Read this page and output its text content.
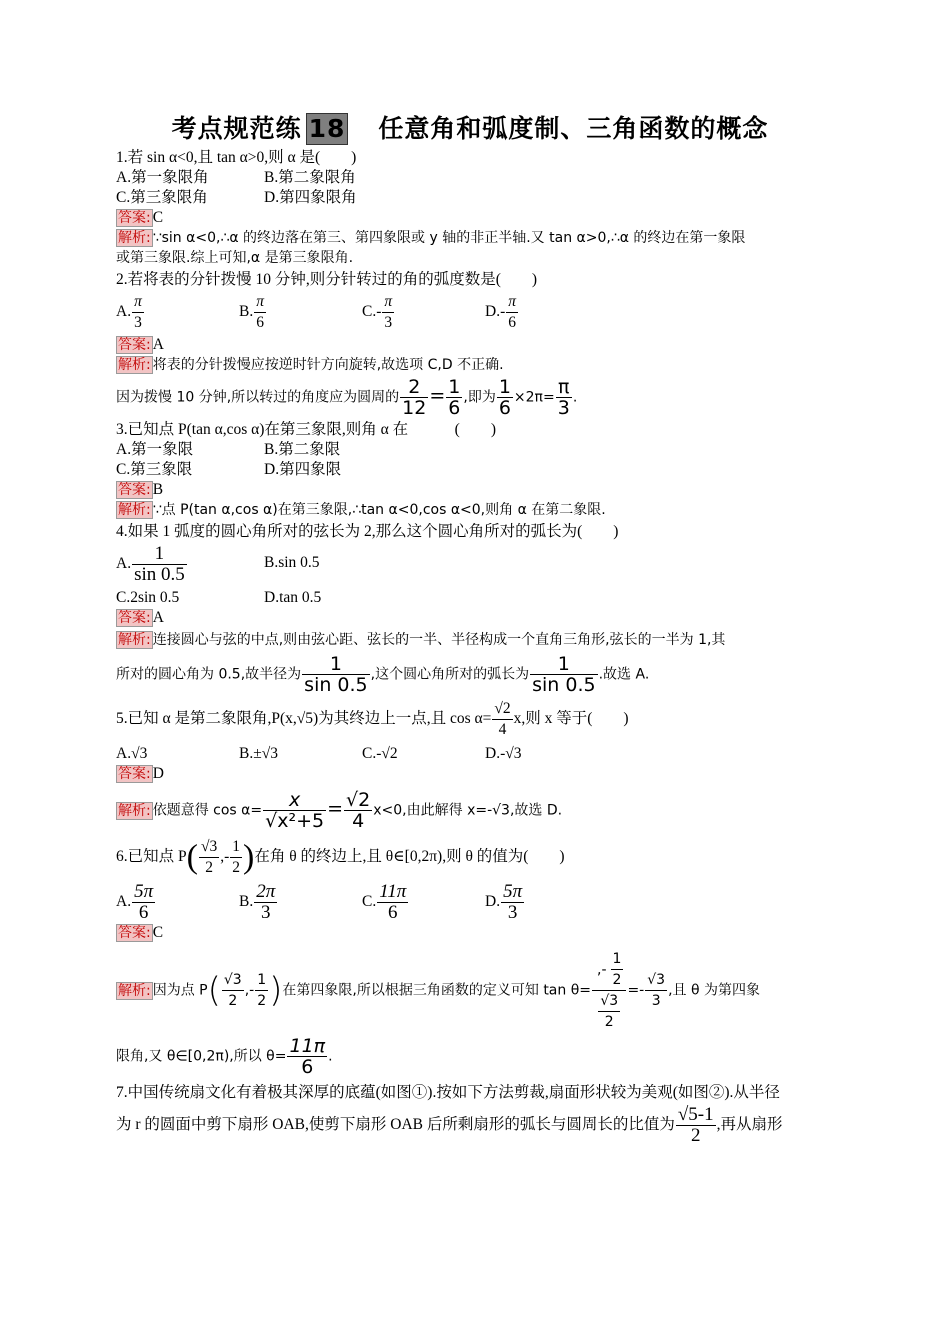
考点规范练 18　 任意角和弧度制、三角函数的概念
1.若 sin α<0,且 tan α>0,则 α 是(　　)
A.第一象限角	B.第二象限角
C.第三象限角	D.第四象限角
答案: C
解析: ∵sin α<0,∴α 的终边落在第三、第四象限或 y 轴的非正半轴.又 tan α>0,∴α 的终边在第一象限
或第三象限.综上可知,α 是第三象限角.
2.若将表的分针拨慢 10 分钟,则分针转过的角的弧度数是(　　)
A. $\frac{\pi}{3}$	B. $\frac{\pi}{6}$	$C.- \frac{\pi}{3}$	$D.- \frac{\pi}{6}$
答案: A
解析: 将表的分针拨慢应按逆时针方向旋转,故选项 C,D 不正确.
因为拨慢 10 分钟,所以转过的角度应为圆周的 $\frac{2}{12} = \frac{1}{6}$ ,即为 $\frac{1}{6} \times 2\pi= \frac{\pi}{3}$ .
3.已知点 P(tan α,cos α)在第三象限,则角 α 在　　　(　　)
A.第一象限	B.第二象限
C.第三象限	D.第四象限
答案: B
解析: ∵点 P(tan α,cos α)在第三象限,∴tan α<0,cos α<0,则角 α 在第二象限.
4.如果 1 弧度的圆心角所对的弦长为 2,那么这个圆心角所对的弧长为(　　)
A. $\frac{1}{\sin 0.5}$	B.sin 0.5
C.2sin 0.5	D.tan 0.5
答案: A
解析: 连接圆心与弦的中点,则由弦心距、弦长的一半、半径构成一个直角三角形,弦长的一半为 1,其
所对的圆心角为 0.5,故半径为 $\frac{1}{\sin 0.5}$ ,这个圆心角所对的弧长为 $\frac{1}{\sin 0.5}$ .故选 A.
5.已知 α 是第二象限角,P(x,√5)为其终边上一点,且 $\cos \alpha= \frac{√2}{4} x$,则 x 等于(　　)
A.√3	B.±√3	C.-√2	D.-√3
答案: D
解析: 依题意得 $\cos \alpha= \frac{x}{\text{√x²+5}} = \frac{√2}{4} x<0$,由此解得 x=-√3,故选 D.
6.已知点 $P( \frac{√3}{2}$ ,- $\frac{1}{2}$ )在角 θ 的终边上,且 θ∈[0,2π),则 θ 的值为(　　)
A. $\frac{5\pi}{6}$	B. $\frac{2\pi}{3}$	C. $\frac{11\pi}{6}$	D. $\frac{5\pi}{3}$
答案: C
解析: 因为点 $P( \frac{√3}{2}$ ,- $\frac{1}{2}$ )在第四象限,所以根据三角函数的定义可知 $\tan \theta= \frac{,- \frac{1}{2}}{\frac{√3}{2}} =- \frac{√3}{3}$ ,且 θ 为第四象
限角,又 θ∈[0,2π),所以 $\theta= \frac{11\pi}{6}$ .
7.中国传统扇文化有着极其深厚的底蕴(如图①).按如下方法剪裁,扇面形状较为美观(如图②).从半径
为 r 的圆面中剪下扇形 OAB,使剪下扇形 OAB 后所剩扇形的弧长与圆周长的比值为 $\frac{√5-1}{2}$ ,再从扇形
